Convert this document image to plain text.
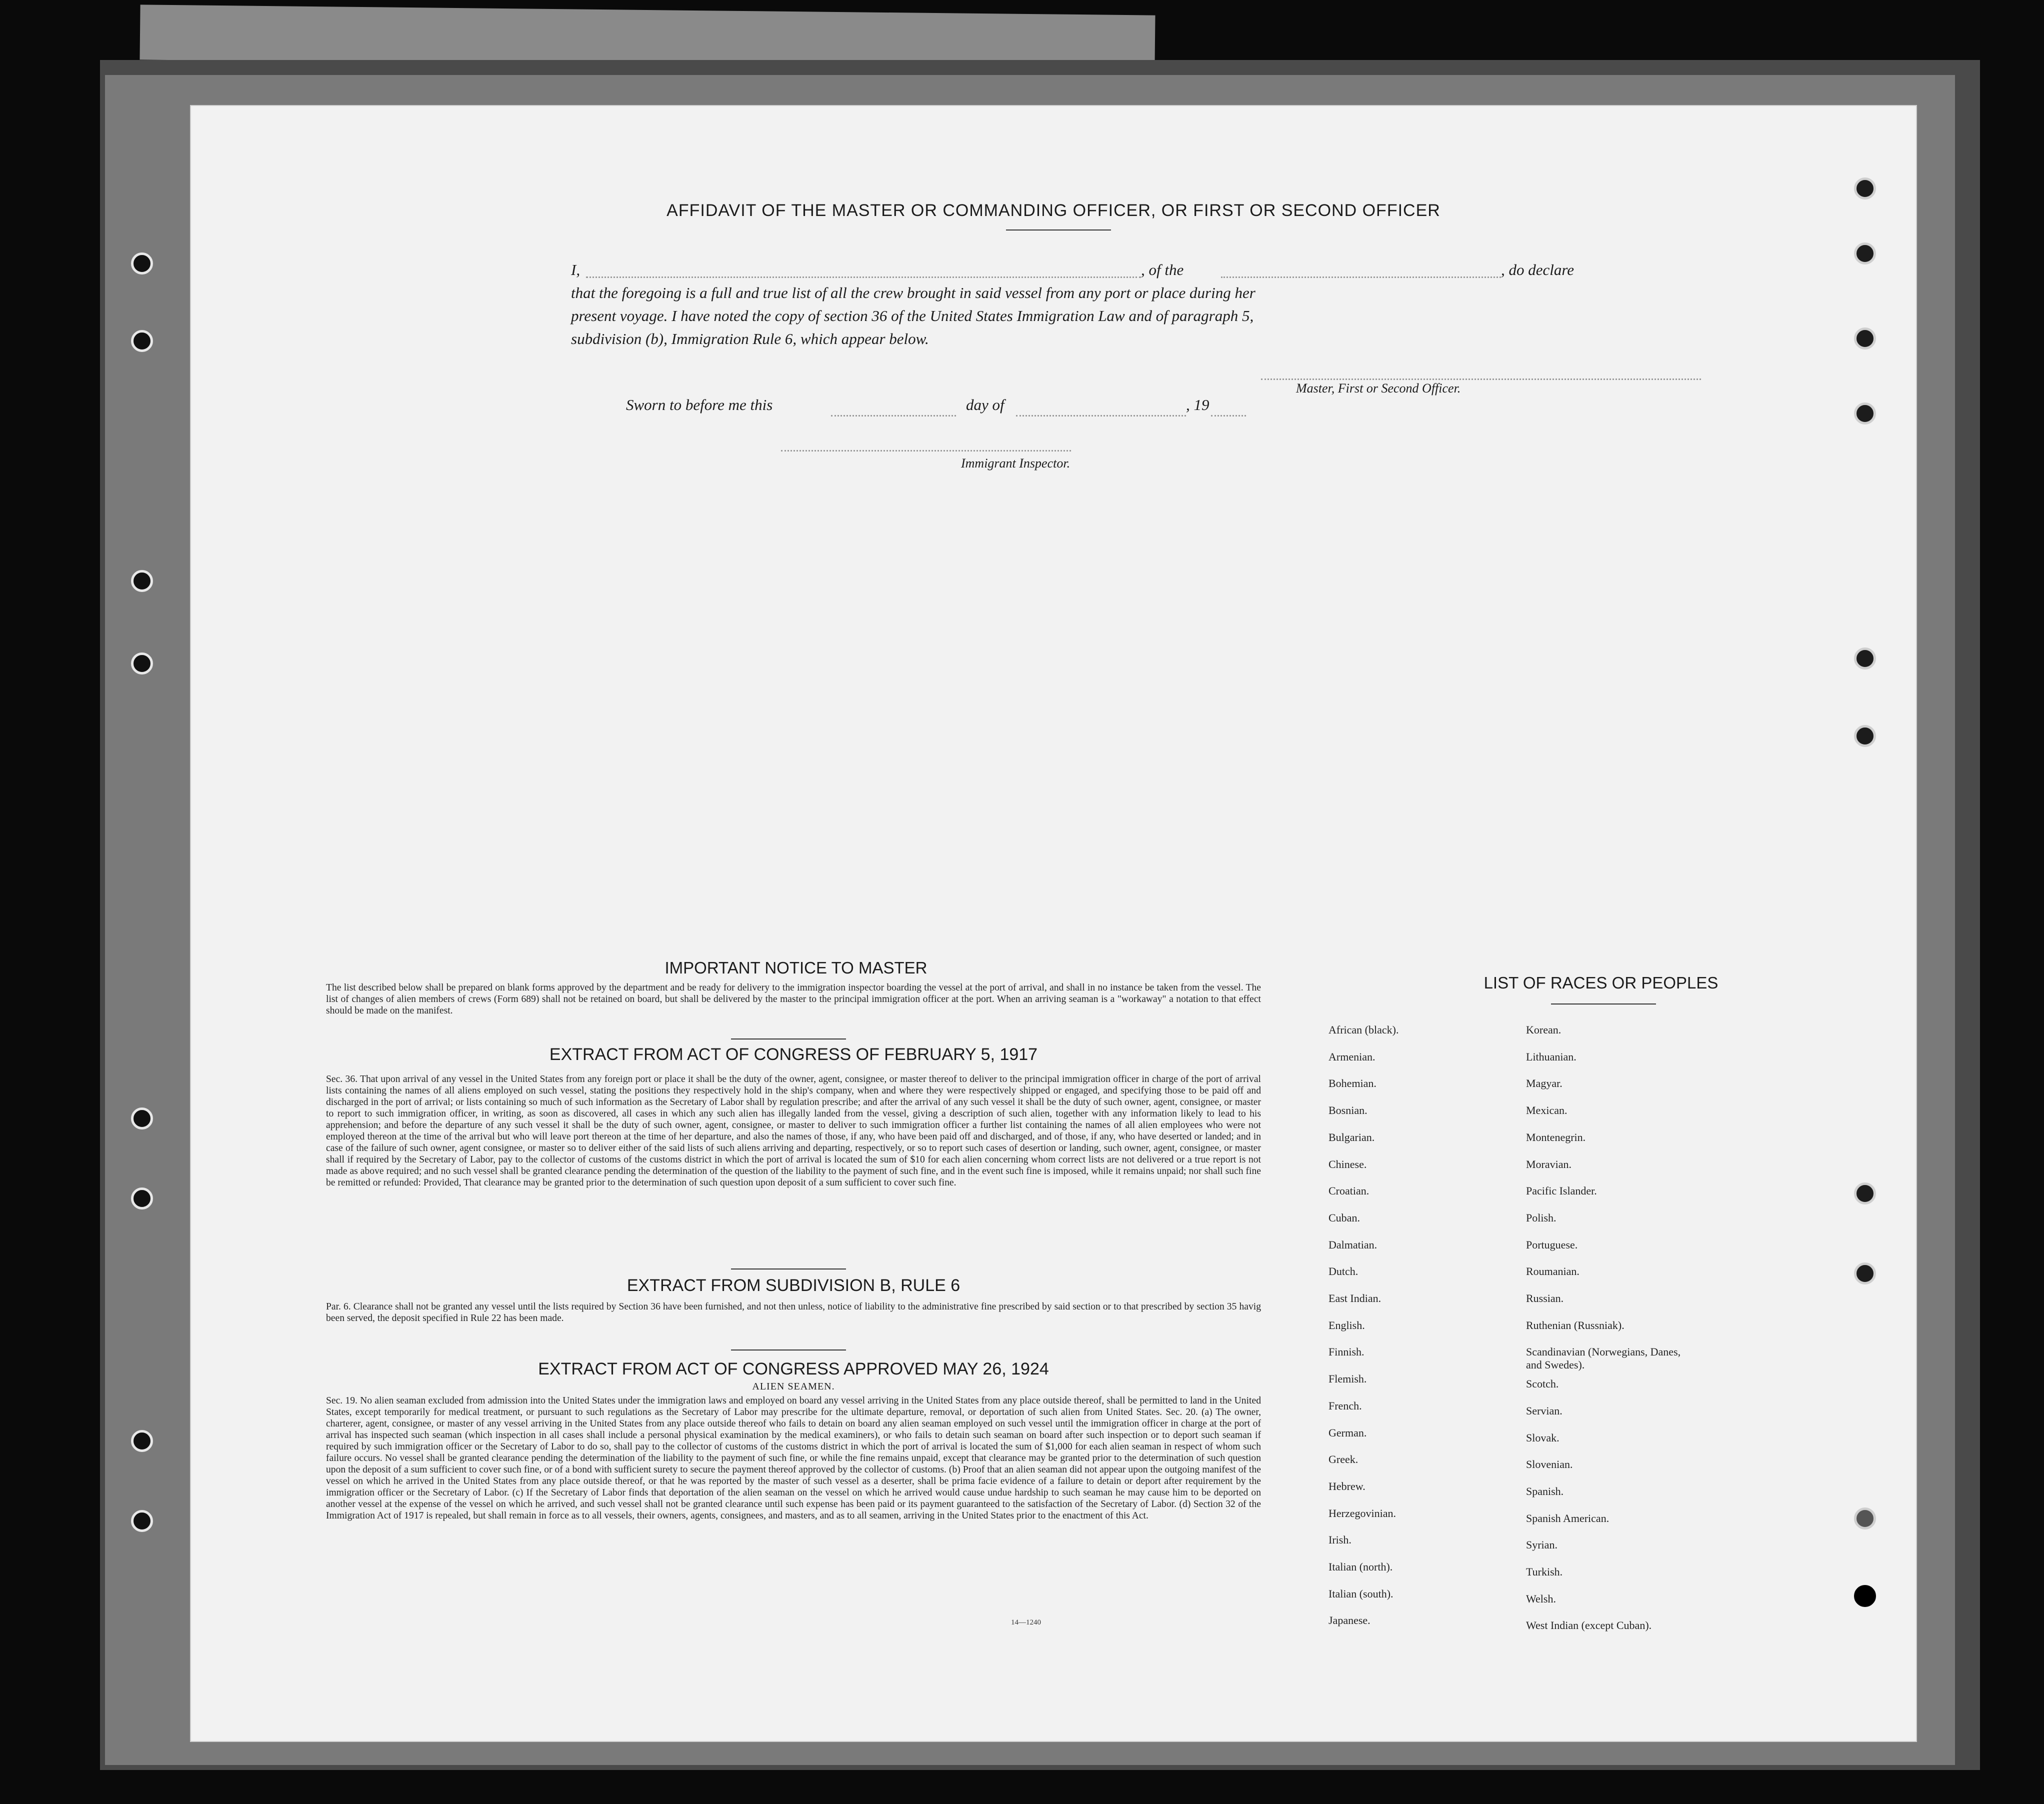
AFFIDAVIT OF THE MASTER OR COMMANDING OFFICER, OR FIRST OR SECOND OFFICER
I,	, of the	, do declare
that the foregoing is a full and true list of all the crew brought in said vessel from any port or place during her
present voyage. I have noted the copy of section 36 of the United States Immigration Law and of paragraph 5,
subdivision (b), Immigration Rule 6, which appear below.
Master, First or Second Officer.
Sworn to before me this	day of	, 19
Immigrant Inspector.
IMPORTANT NOTICE TO MASTER
The list described below shall be prepared on blank forms approved by the department and be ready for delivery to the immigration inspector boarding the vessel at the port of arrival, and shall in no instance be taken from the vessel. The list of changes of alien members of crews (Form 689) shall not be retained on board, but shall be delivered by the master to the principal immigration officer at the port. When an arriving seaman is a "workaway" a notation to that effect should be made on the manifest.
EXTRACT FROM ACT OF CONGRESS OF FEBRUARY 5, 1917
Sec. 36. That upon arrival of any vessel in the United States from any foreign port or place it shall be the duty of the owner, agent, consignee, or master thereof to deliver to the principal immigration officer in charge of the port of arrival lists containing the names of all aliens employed on such vessel, stating the positions they respectively hold in the ship's company, when and where they were respectively shipped or engaged, and specifying those to be paid off and discharged in the port of arrival; or lists containing so much of such information as the Secretary of Labor shall by regulation prescribe; and after the arrival of any such vessel it shall be the duty of such owner, agent, consignee, or master to report to such immigration officer, in writing, as soon as discovered, all cases in which any such alien has illegally landed from the vessel, giving a description of such alien, together with any information likely to lead to his apprehension; and before the departure of any such vessel it shall be the duty of such owner, agent, consignee, or master to deliver to such immigration officer a further list containing the names of all alien employees who were not employed thereon at the time of the arrival but who will leave port thereon at the time of her departure, and also the names of those, if any, who have been paid off and discharged, and of those, if any, who have deserted or landed; and in case of the failure of such owner, agent consignee, or master so to deliver either of the said lists of such aliens arriving and departing, respectively, or so to report such cases of desertion or landing, such owner, agent, consignee, or master shall if required by the Secretary of Labor, pay to the collector of customs of the customs district in which the port of arrival is located the sum of $10 for each alien concerning whom correct lists are not delivered or a true report is not made as above required; and no such vessel shall be granted clearance pending the determination of the question of the liability to the payment of such fine, and in the event such fine is imposed, while it remains unpaid; nor shall such fine be remitted or refunded: Provided, That clearance may be granted prior to the determination of such question upon deposit of a sum sufficient to cover such fine.
EXTRACT FROM SUBDIVISION B, RULE 6
Par. 6. Clearance shall not be granted any vessel until the lists required by Section 36 have been furnished, and not then unless, notice of liability to the administrative fine prescribed by said section or to that prescribed by section 35 havig been served, the deposit specified in Rule 22 has been made.
EXTRACT FROM ACT OF CONGRESS APPROVED MAY 26, 1924
ALIEN SEAMEN.
Sec. 19. No alien seaman excluded from admission into the United States under the immigration laws and employed on board any vessel arriving in the United States from any place outside thereof, shall be permitted to land in the United States, except temporarily for medical treatment, or pursuant to such regulations as the Secretary of Labor may prescribe for the ultimate departure, removal, or deportation of such alien from United States. Sec. 20. (a) The owner, charterer, agent, consignee, or master of any vessel arriving in the United States from any place outside thereof who fails to detain on board any alien seaman employed on such vessel until the immigration officer in charge at the port of arrival has inspected such seaman (which inspection in all cases shall include a personal physical examination by the medical examiners), or who fails to detain such seaman on board after such inspection or to deport such seaman if required by such immigration officer or the Secretary of Labor to do so, shall pay to the collector of customs of the customs district in which the port of arrival is located the sum of $1,000 for each alien seaman in respect of whom such failure occurs. No vessel shall be granted clearance pending the determination of the liability to the payment of such fine, or while the fine remains unpaid, except that clearance may be granted prior to the determination of such question upon the deposit of a sum sufficient to cover such fine, or of a bond with sufficient surety to secure the payment thereof approved by the collector of customs. (b) Proof that an alien seaman did not appear upon the outgoing manifest of the vessel on which he arrived in the United States from any place outside thereof, or that he was reported by the master of such vessel as a deserter, shall be prima facie evidence of a failure to detain or deport after requirement by the immigration officer or the Secretary of Labor. (c) If the Secretary of Labor finds that deportation of the alien seaman on the vessel on which he arrived would cause undue hardship to such seaman he may cause him to be deported on another vessel at the expense of the vessel on which he arrived, and such vessel shall not be granted clearance until such expense has been paid or its payment guaranteed to the satisfaction of the Secretary of Labor. (d) Section 32 of the Immigration Act of 1917 is repealed, but shall remain in force as to all vessels, their owners, agents, consignees, and masters, and as to all seamen, arriving in the United States prior to the enactment of this Act.
14—1240
LIST OF RACES OR PEOPLES
African (black).
Armenian.
Bohemian.
Bosnian.
Bulgarian.
Chinese.
Croatian.
Cuban.
Dalmatian.
Dutch.
East Indian.
English.
Finnish.
Flemish.
French.
German.
Greek.
Hebrew.
Herzegovinian.
Irish.
Italian (north).
Italian (south).
Japanese.
Korean.
Lithuanian.
Magyar.
Mexican.
Montenegrin.
Moravian.
Pacific Islander.
Polish.
Portuguese.
Roumanian.
Russian.
Ruthenian (Russniak).
Scandinavian (Norwegians, Danes, and Swedes).
Scotch.
Servian.
Slovak.
Slovenian.
Spanish.
Spanish American.
Syrian.
Turkish.
Welsh.
West Indian (except Cuban).
